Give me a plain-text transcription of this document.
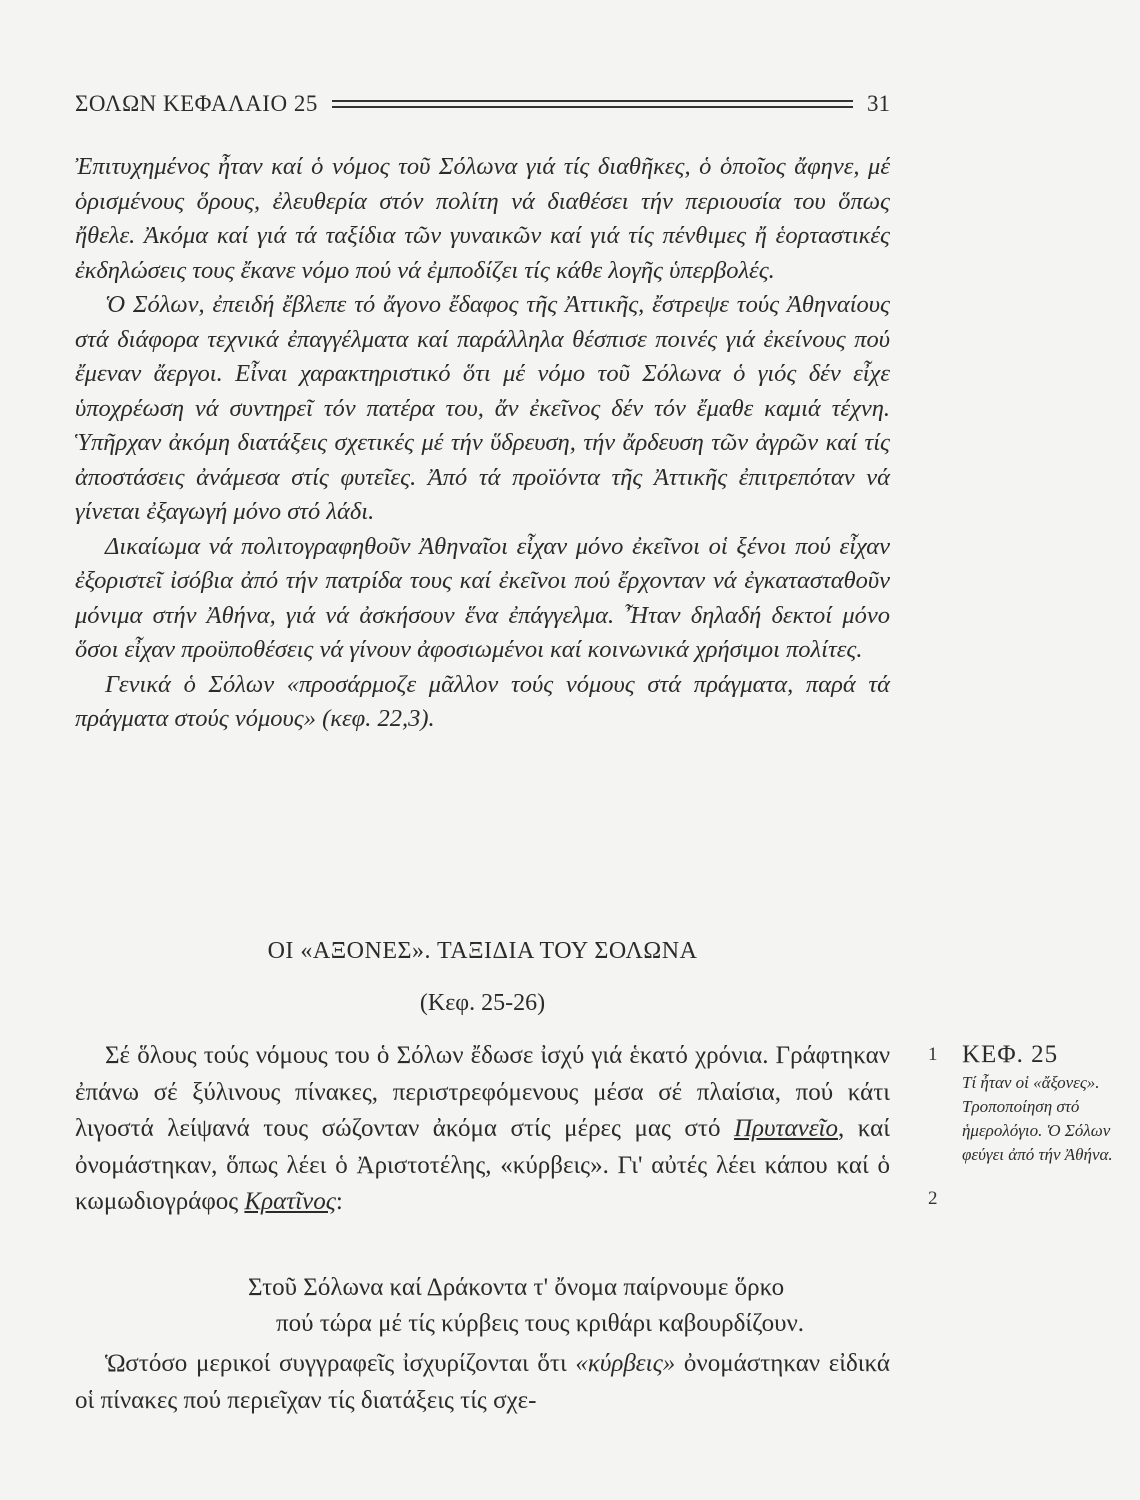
ΣΟΛΩΝ ΚΕΦΑΛΑΙΟ 25	31

Ἐπιτυχημένος ἦταν καί ὁ νόμος τοῦ Σόλωνα γιά τίς διαθῆκες, ὁ ὁποῖος ἄφηνε, μέ ὁρισμένους ὅρους, ἐλευθερία στόν πολίτη νά διαθέσει τήν περιουσία του ὅπως ἤθελε. Ἀκόμα καί γιά τά ταξίδια τῶν γυναικῶν καί γιά τίς πένθιμες ἤ ἑορταστικές ἐκδηλώσεις τους ἔκανε νόμο πού νά ἐμποδίζει τίς κάθε λογῆς ὑπερβολές.

Ὁ Σόλων, ἐπειδή ἔβλεπε τό ἄγονο ἔδαφος τῆς Ἀττικῆς, ἔστρεψε τούς Ἀθηναίους στά διάφορα τεχνικά ἐπαγγέλματα καί παράλληλα θέσπισε ποινές γιά ἐκείνους πού ἔμεναν ἄεργοι. Εἶναι χαρακτηριστικό ὅτι μέ νόμο τοῦ Σόλωνα ὁ γιός δέν εἶχε ὑποχρέωση νά συντηρεῖ τόν πατέρα του, ἄν ἐκεῖνος δέν τόν ἔμαθε καμιά τέχνη. Ὑπῆρχαν ἀκόμη διατάξεις σχετικές μέ τήν ὕδρευση, τήν ἄρδευση τῶν ἀγρῶν καί τίς ἀποστάσεις ἀνάμεσα στίς φυτεῖες. Ἀπό τά προϊόντα τῆς Ἀττικῆς ἐπιτρεπόταν νά γίνεται ἐξαγωγή μόνο στό λάδι.

Δικαίωμα νά πολιτογραφηθοῦν Ἀθηναῖοι εἶχαν μόνο ἐκεῖνοι οἱ ξένοι πού εἶχαν ἐξοριστεῖ ἰσόβια ἀπό τήν πατρίδα τους καί ἐκεῖνοι πού ἔρχονταν νά ἐγκατασταθοῦν μόνιμα στήν Ἀθήνα, γιά νά ἀσκήσουν ἕνα ἐπάγγελμα. Ἦταν δηλαδή δεκτοί μόνο ὅσοι εἶχαν προϋποθέσεις νά γίνουν ἀφοσιωμένοι καί κοινωνικά χρήσιμοι πολίτες.

Γενικά ὁ Σόλων «προσάρμοζε μᾶλλον τούς νόμους στά πράγματα, παρά τά πράγματα στούς νόμους» (κεφ. 22,3).

ΟΙ «ΑΞΟΝΕΣ». ΤΑΞΙΔΙΑ ΤΟΥ ΣΟΛΩΝΑ
(Κεφ. 25-26)

Σέ ὅλους τούς νόμους του ὁ Σόλων ἔδωσε ἰσχύ γιά ἑκατό χρόνια. Γράφτηκαν ἐπάνω σέ ξύλινους πίνακες, περιστρεφόμενους μέσα σέ πλαίσια, πού κάτι λιγοστά λείψανά τους σώζονταν ἀκόμα στίς μέρες μας στό Πρυτανεῖο, καί ὀνομάστηκαν, ὅπως λέει ὁ Ἀριστοτέλης, «κύρβεις». Γι' αὐτές λέει κάπου καί ὁ κωμωδιογράφος Κρατῖνος:

Στοῦ Σόλωνα καί Δράκοντα τ' ὄνομα παίρνουμε ὅρκο
πού τώρα μέ τίς κύρβεις τους κριθάρι καβουρδίζουν.

Ὡστόσο μερικοί συγγραφεῖς ἰσχυρίζονται ὅτι «κύρβεις» ὀνομάστηκαν εἰδικά οἱ πίνακες πού περιεῖχαν τίς διατάξεις τίς σχε-

1
2
ΚΕΦ. 25
Τί ἦταν οἱ «ἄξονες». Τροποποίηση στό ἡμερολόγιο. Ὁ Σόλων φεύγει ἀπό τήν Ἀθήνα.
